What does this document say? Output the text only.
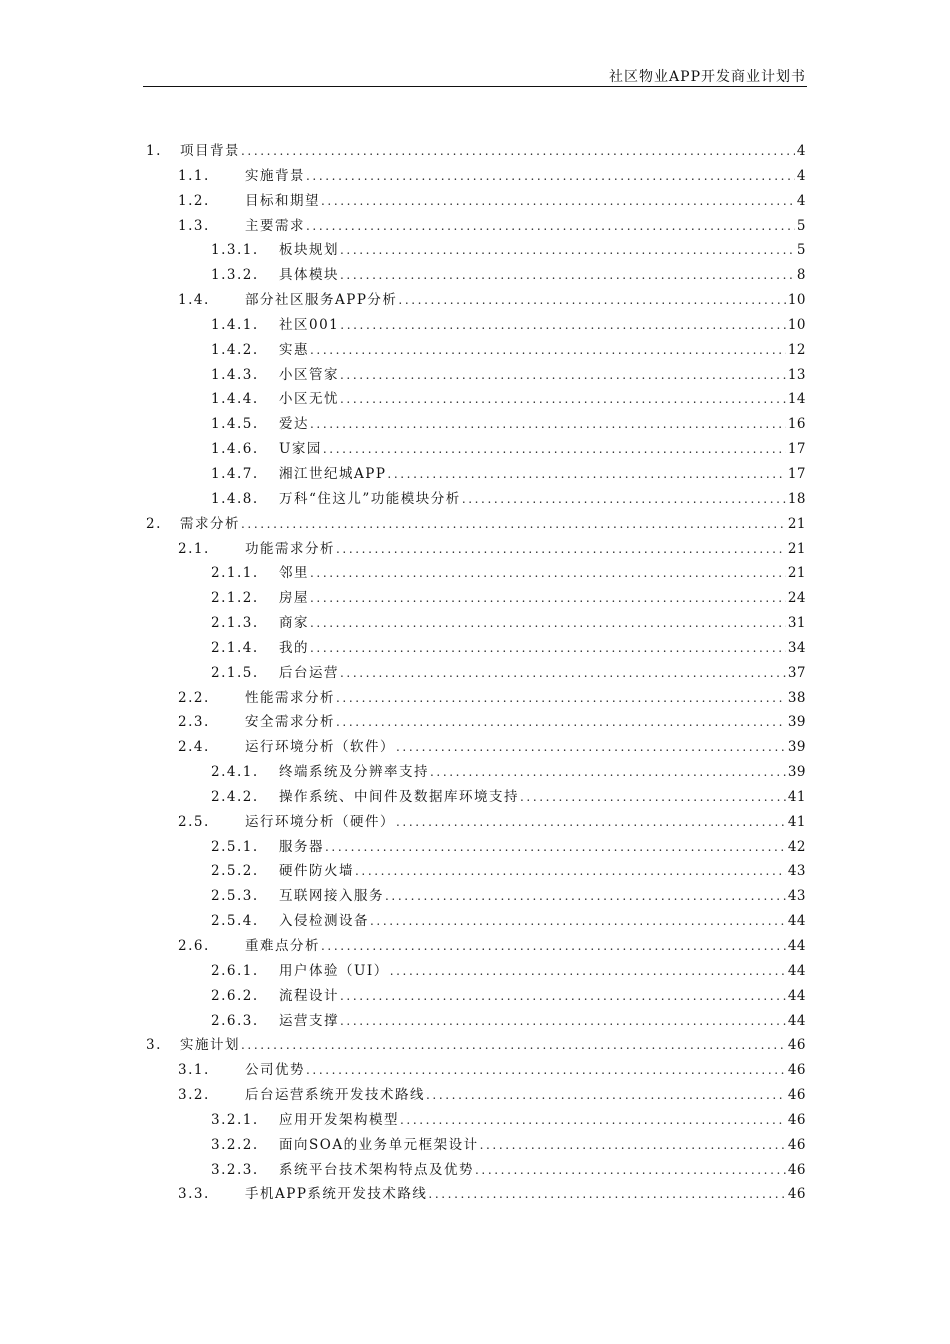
社区物业APP开发商业计划书
1. 项目背景 .....	4
1.1.	实施背景 .....	4
1.2.	目标和期望 .....	4
1.3.	主要需求 .....	5
1.3.1. 板块规划 .....	5
1.3.2. 具体模块 .....	8
1.4.	部分社区服务APP分析 .....	10
1.4.1. 社区001 .....	10
1.4.2. 实惠 .....	12
1.4.3. 小区管家 .....	13
1.4.4. 小区无忧 .....	14
1.4.5. 爱达 .....	16
1.4.6. U家园 .....	17
1.4.7. 湘江世纪城APP .....	17
1.4.8. 万科“住这儿”功能模块分析 .....	18
2. 需求分析 .....	21
2.1.	功能需求分析 .....	21
2.1.1. 邻里 .....	21
2.1.2. 房屋 .....	24
2.1.3. 商家 .....	31
2.1.4. 我的 .....	34
2.1.5. 后台运营 .....	37
2.2.	性能需求分析 .....	38
2.3.	安全需求分析 .....	39
2.4.	运行环境分析（软件） .....	39
2.4.1. 终端系统及分辨率支持 .....	39
2.4.2. 操作系统、中间件及数据库环境支持 .....	41
2.5.	运行环境分析（硬件） .....	41
2.5.1. 服务器 .....	42
2.5.2. 硬件防火墙 .....	43
2.5.3. 互联网接入服务 .....	43
2.5.4. 入侵检测设备 .....	44
2.6.	重难点分析 .....	44
2.6.1. 用户体验（UI） .....	44
2.6.2. 流程设计 .....	44
2.6.3. 运营支撑 .....	44
3. 实施计划 .....	46
3.1.	公司优势 .....	46
3.2.	后台运营系统开发技术路线 .....	46
3.2.1. 应用开发架构模型 .....	46
3.2.2. 面向SOA的业务单元框架设计 .....	46
3.2.3. 系统平台技术架构特点及优势 .....	46
3.3.	手机APP系统开发技术路线 .....	46
